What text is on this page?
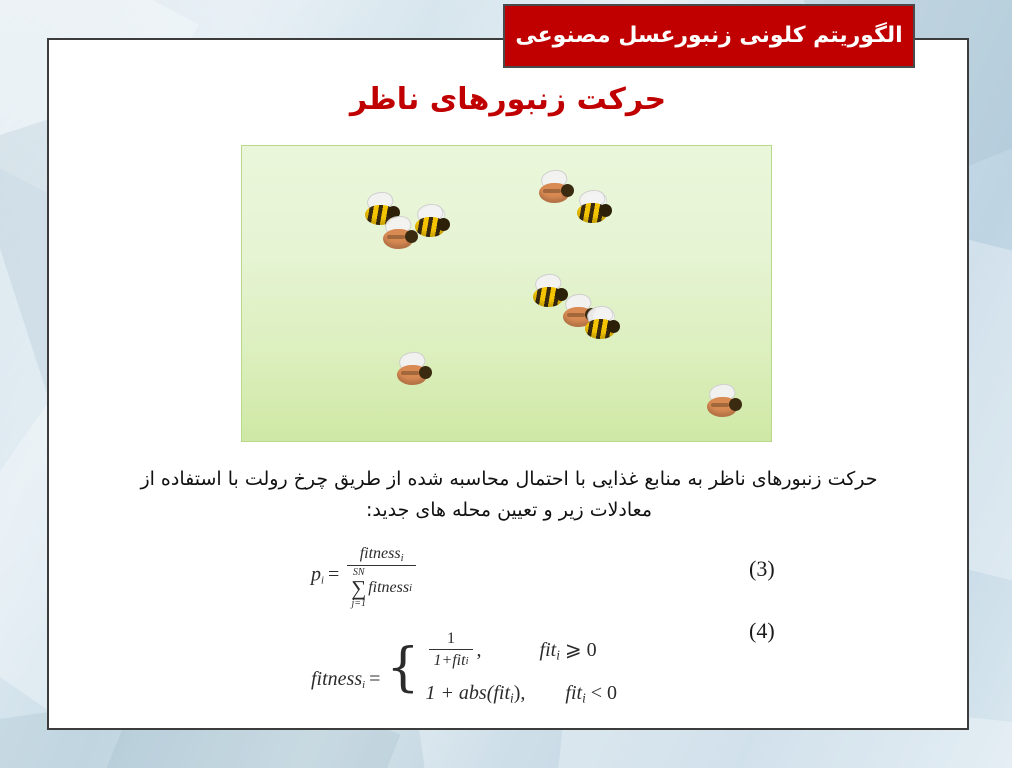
الگوریتم کلونی زنبورعسل مصنوعی
حرکت زنبورهای ناظر
حرکت زنبورهای ناظر به منابع غذایی با احتمال محاسبه شده از طریق چرخ رولت با استفاده از معادلات زیر و تعیین محله های جدید:
$p_i$ =
fitness$_i$
SN
∑
j=1
fitness i
(3)
fitness$_i$ = { $\frac{1}{\text{1+fit i}}$ ,	fit$_i$ ⩾ 0
1 + abs(fit$_i$), fit$_i$ < 0
(4)
